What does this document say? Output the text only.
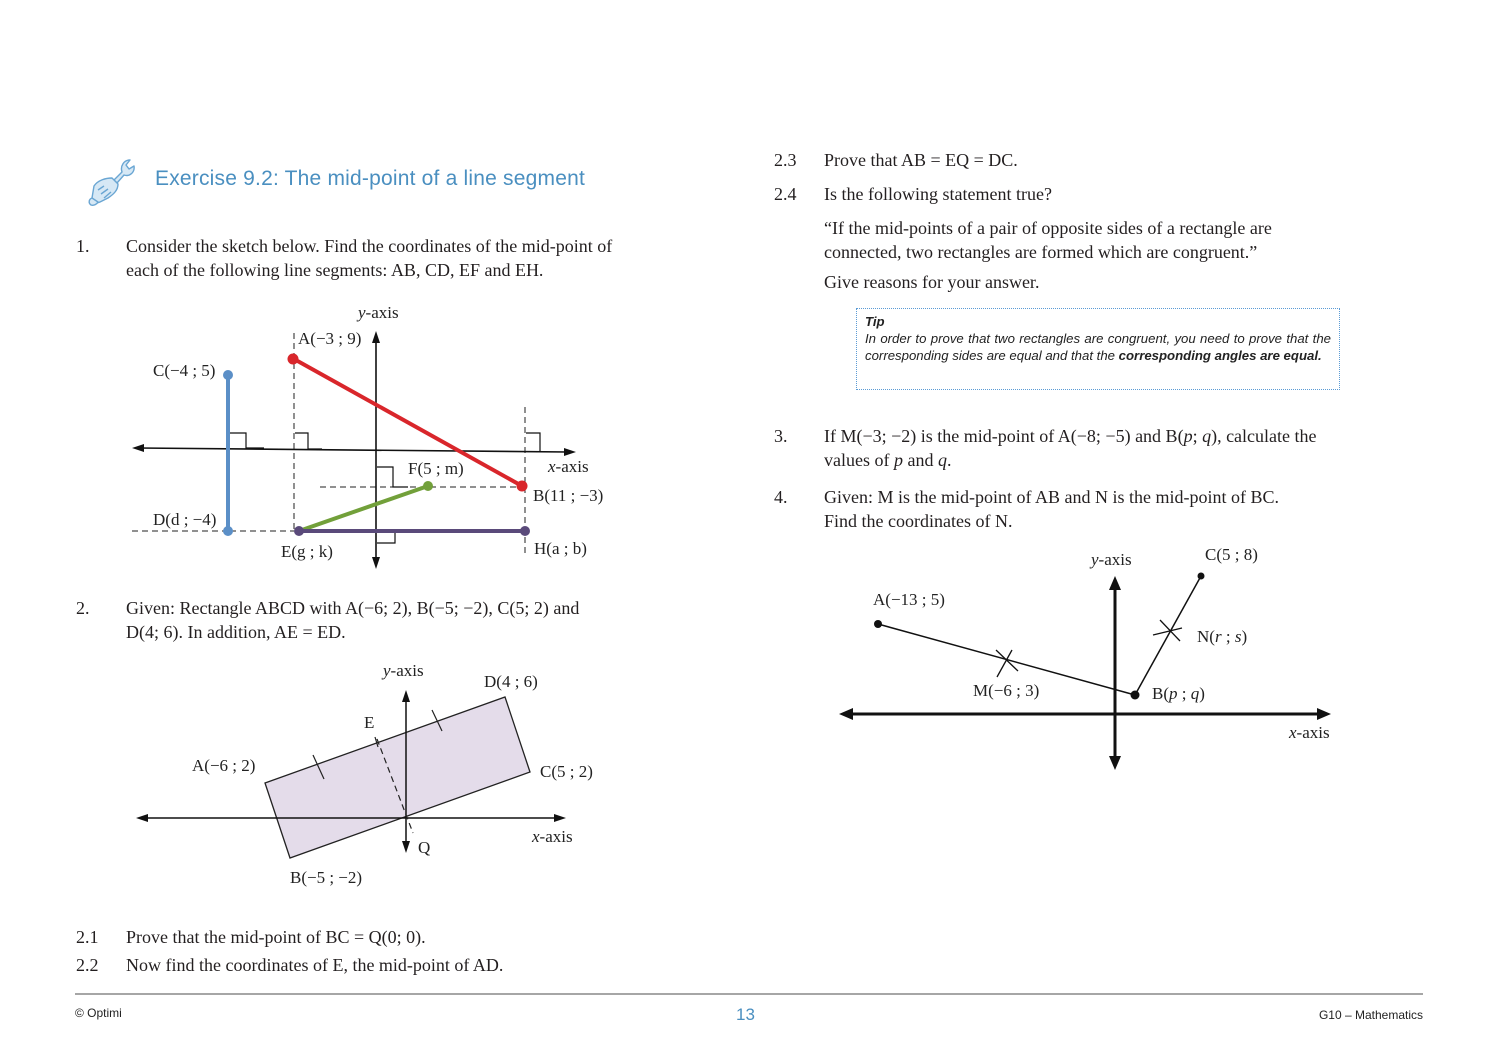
Exercise 9.2: The mid-point of a line segment
1. Consider the sketch below. Find the coordinates of the mid-point of
each of the following line segments: AB, CD, EF and EH.
y-axis
A(−3 ; 9)
C(−4 ; 5)
x-axis
F(5 ; m)
B(11 ; −3)
D(d ; −4)
E(g ; k)	H(a ; b)
2. Given: Rectangle ABCD with A(−6; 2), B(−5; −2), C(5; 2) and
D(4; 6). In addition, AE = ED.
y-axis
D(4 ; 6)
E
A(−6 ; 2)	C(5 ; 2)
x-axis
Q
B(−5 ; −2)
2.1 Prove that the mid-point of BC = Q(0; 0).
2.2 Now find the coordinates of E, the mid-point of AD.
2.3 Prove that AB = EQ = DC.
2.4 Is the following statement true?
“If the mid-points of a pair of opposite sides of a rectangle are
connected, two rectangles are formed which are congruent.”
Give reasons for your answer.
Tip
In order to prove that two rectangles are congruent, you need to prove that the corresponding sides are equal and that the corresponding angles are equal.
3. If M(−3; −2) is the mid-point of A(−8; −5) and B(p; q), calculate the
values of p and q.
4. Given: M is the mid-point of AB and N is the mid-point of BC.
Find the coordinates of N.
y-axis	C(5 ; 8)
A(−13 ; 5)
N(r ; s)
M(−6 ; 3)	B(p ; q)
x-axis
© Optimi	13	G10 – Mathematics
